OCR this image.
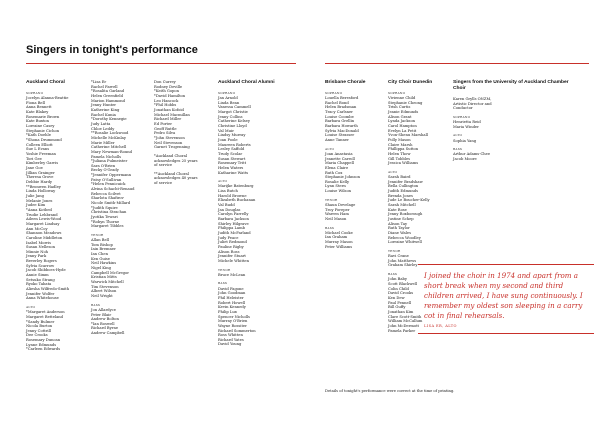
Singers in tonight's performance
Auckland Choral
SOPRANO
Jocelyn Alanna-Beattie
Fiona Bell
Anna Bennett
Kate Blakey
Rosemarie Brown
Kate Buxton
Lorraine Casey
Stephanie Cichon
*Kath Doehle
*Shona Drummond
Colleen Elliott
Sue L Evans
Yoshie Freeman
Tori Gee
Kimberley Garris
Jane Goe
Jillian Grainger
Theresa Grove
Debbie Hardy
**Bronwen Hadley
Linda Holloway
Julie Jang
Melanie Jones
Judee Kim
*Anna Kotbed
Trudie Lehbrand
Aileen Lewis-Wood
Margaret Lindsay
Ann McCoy
Shannon Meadows
Caroline Middleton
Isabel Morris
Susan Nelleson
Minnie Noh
Jenny Park
Beverley Rogers
Sylvia Scarrow
Jacob Shibboes-Hyde
Annie Simm
Setsuko Strang
Ryoko Tabata
Aliesha Wilfredo-Smith
Jennifer Wolfer
Anna Whitehouse
ALTO
*Margaret Anderson
Margaret Betteland
*Sandy Bulmer
Nicola Burton
Jenny Cottrill
Dee Crooks
Rosemary Duncan
Lynne Edmunds
*Carleen Edwards
*Lisa Er
Rachel Farrell
*Rosalita Garland
Helen Greenfield
Marion Hammond
Jenny Hunter
Katherine King
Rachel Kunia
*Dorothy Kennegie
Judy Latta
Chloe Leddy
**Rosalie Lockwood
Michelle McKinlay
Marie Miller
Catherine Mitchell
Mary Newman-Round
Pamela Nicholls
*Juliana Pulmeister
Sara O'Brien
Becky O'Grady
*Jennifer Oppermann
Patsy O'Sullivan
*Helen Pennicuick
Alvina Schacht-Renaud
Rebecca Scilvet
Sharlota Shafirov
Nicole Smith-Millard
*Judith Squire
Christina Strachan
Jyotika Tewari
*Robyn Thorne
Margaret Tibbles
TENOR
Allan Bell
Tom Bishop
Iain Bremner
Ian Chen
Ken Guise
Neil Hawkins
Nigel King
Campbell McGregor
Kristian Mitts
Warwick Mitchell
Tim Stevenson
Albert Wilson
Neil Wright
BASS
Jon Allardyce
Peter Blair
Andrew Bolton
*Ian Boswell
Richard Byrne
Andrew Campbell
Don Currey
Rodney Deville
*Keith Gopon
*David Hamilton
Leo Hancock
*Phil Hobbs
Jonathan Kofoid
Michael Macmillan
Richard Miller
Ed Porter
Geoff Ruttle
Pedro Silva
*John Stevenson
Neil Stevenson
Garnet Trogenning
*Auckland Choral
acknowledges 25 years
of service
**Auckland Choral
acknowledges 40 years
of service
Auckland Choral Alumni
SOPRANO
Jan Arnold
Linda Bean
Vanessa Cammell
Margot Christie
Jenny Collins
Catherine Kelsey
Christine Lloyd
Val Muir
Lindsy Murray
Joan Poole
Maureen Roberts
Lesley Saffold
Trudy Scolar
Susan Stewart
Rosemary Tritt
Helen Waters
Katharine Watts
ALTO
Marijke Batenburg
Lisa Butch
Harold Browne
Elizabeth Buchanan
Val Budd
Jan Douglas
Carolyn Farrelly
Barbara Jackson
Shirley Hilgrave
Philippa Lamb
Judith McFarland
Judy Peace
Juliet Redmond
Pauline Rigby
Alison Ross
Jennifer Stuart
Michele Whitten
TENOR
Bruce McLean
BASS
David Fagone
John Goodman
Phil Heleister
Robert Howell
Kevin Kennedy
Philip Lux
Spencer Nicholls
Murray O'Brien
Wayne Rossiter
Richard Sommerton
Ross Whitten
Richard Yates
David Young
Brisbane Chorale
SOPRANO
Louella Beresford
Rachel Bond
Helen Bradsman
Tracy Carlsner
Louise Coombe
Barbara Grellin
Barbara Howarth
Sylvia MacDonald
Louise Strasser
Anne Tanner
ALTO
Joan Anastasia
Jeanette Carroll
Maria Chappell
Elena Claire
Ruth Cox
Stephanie Johnson
Rosalie Kelly
Lynn Stern
Louise Wilson
TENOR
Shaun Develage
Troy Foreper
Warren Ham
Neil Mason
BASS
Michael Cooke
Ian Graham
Murray Mason
Peter Williams
City Choir Dunedin
SOPRANO
Vivienne Child
Stephanie Cheong
Trish Curtis
Jeanie Edmunds
Alison Grant
Lynda Jackson
Carol Hampton
Evelyn La Petit
Yvon-Shenu Marshall
Polly Mason
Claire Marsh
Phillippa Sutton
Helen Thow
Gill Tobbles
Jessica Williams
ALTO
Sarah Baird
Jennifer Bradshaw
Bella Cullington
Judith Edmunds
Brenda Jones
Jude Le Boucher-Kelly
Sarah Mitchell
Kate Rose
Jenny Roxborough
Justine Schep
Alison Tay
Ruth Taylor
Diane Wales
Rebecca Woodley
Lorraine Whitwell
TENOR
Ravi Crane
John Matthews
Graham Shirley
BASS
John Baby
Scott Blackwell
Colin Child
David Crooks
Ken Dew
Paul Fennell
Bill Guffy
Jonathan Kim
Clare Scott-Smith
William McCallum
John McDermott
Pamela Parker
Singers from the University of Auckland Chamber Choir
Karen Grylls ONZM,
Artistic Director and
Conductor
SOPRANO
Henrietta Reid
Maria Winder
ALTO
Sophia Yang
BASS
Arthur Adams-Chee
Jacob Moore
I joined the choir in 1974 and apart from a short break when my second and third children arrived, I have sung continuously. I remember my oldest son sleeping in a carry cot in final rehearsals.
LISA ER, ALTO
Details of tonight's performance were correct at the time of printing.
